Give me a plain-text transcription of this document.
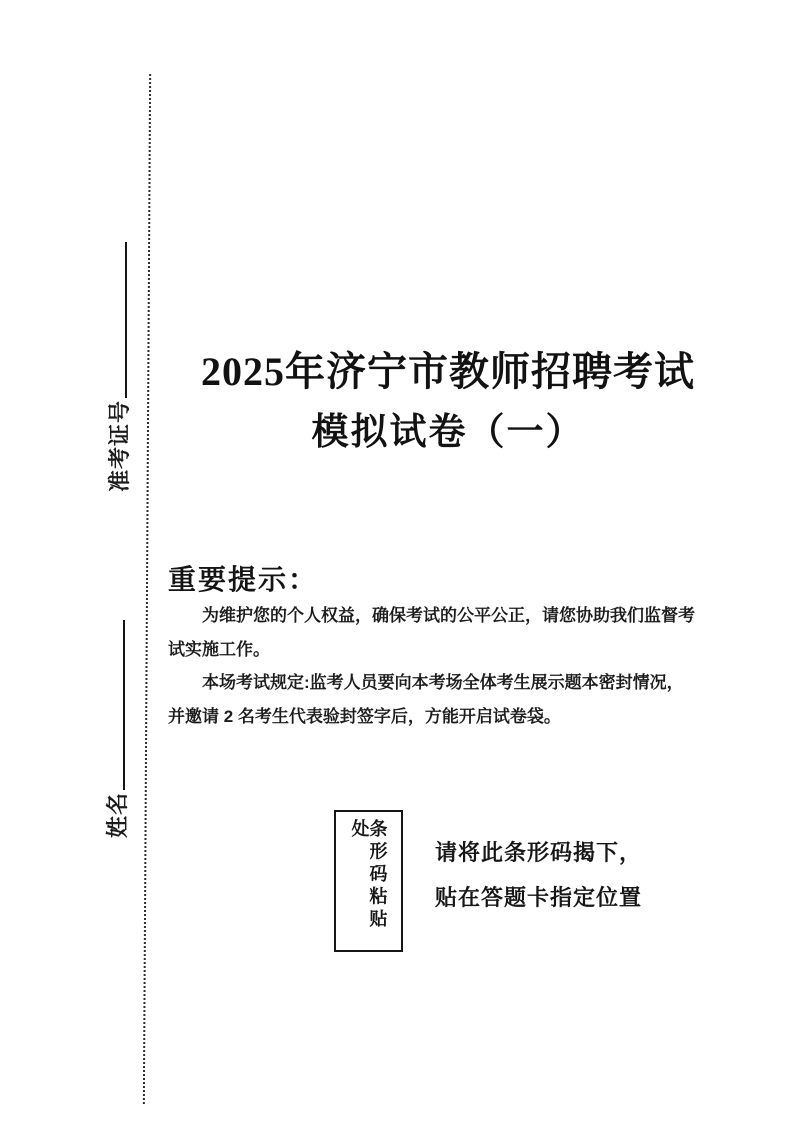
准考证号
姓名
2025年济宁市教师招聘考试
模拟试卷（一）
重要提示：
为维护您的个人权益，确保考试的公平公正，请您协助我们监督考
试实施工作。
本场考试规定:监考人员要向本考场全体考生展示题本密封情况，
并邀请 2 名考生代表验封签字后，方能开启试卷袋。
条形码粘贴处
请将此条形码揭下，
贴在答题卡指定位置
